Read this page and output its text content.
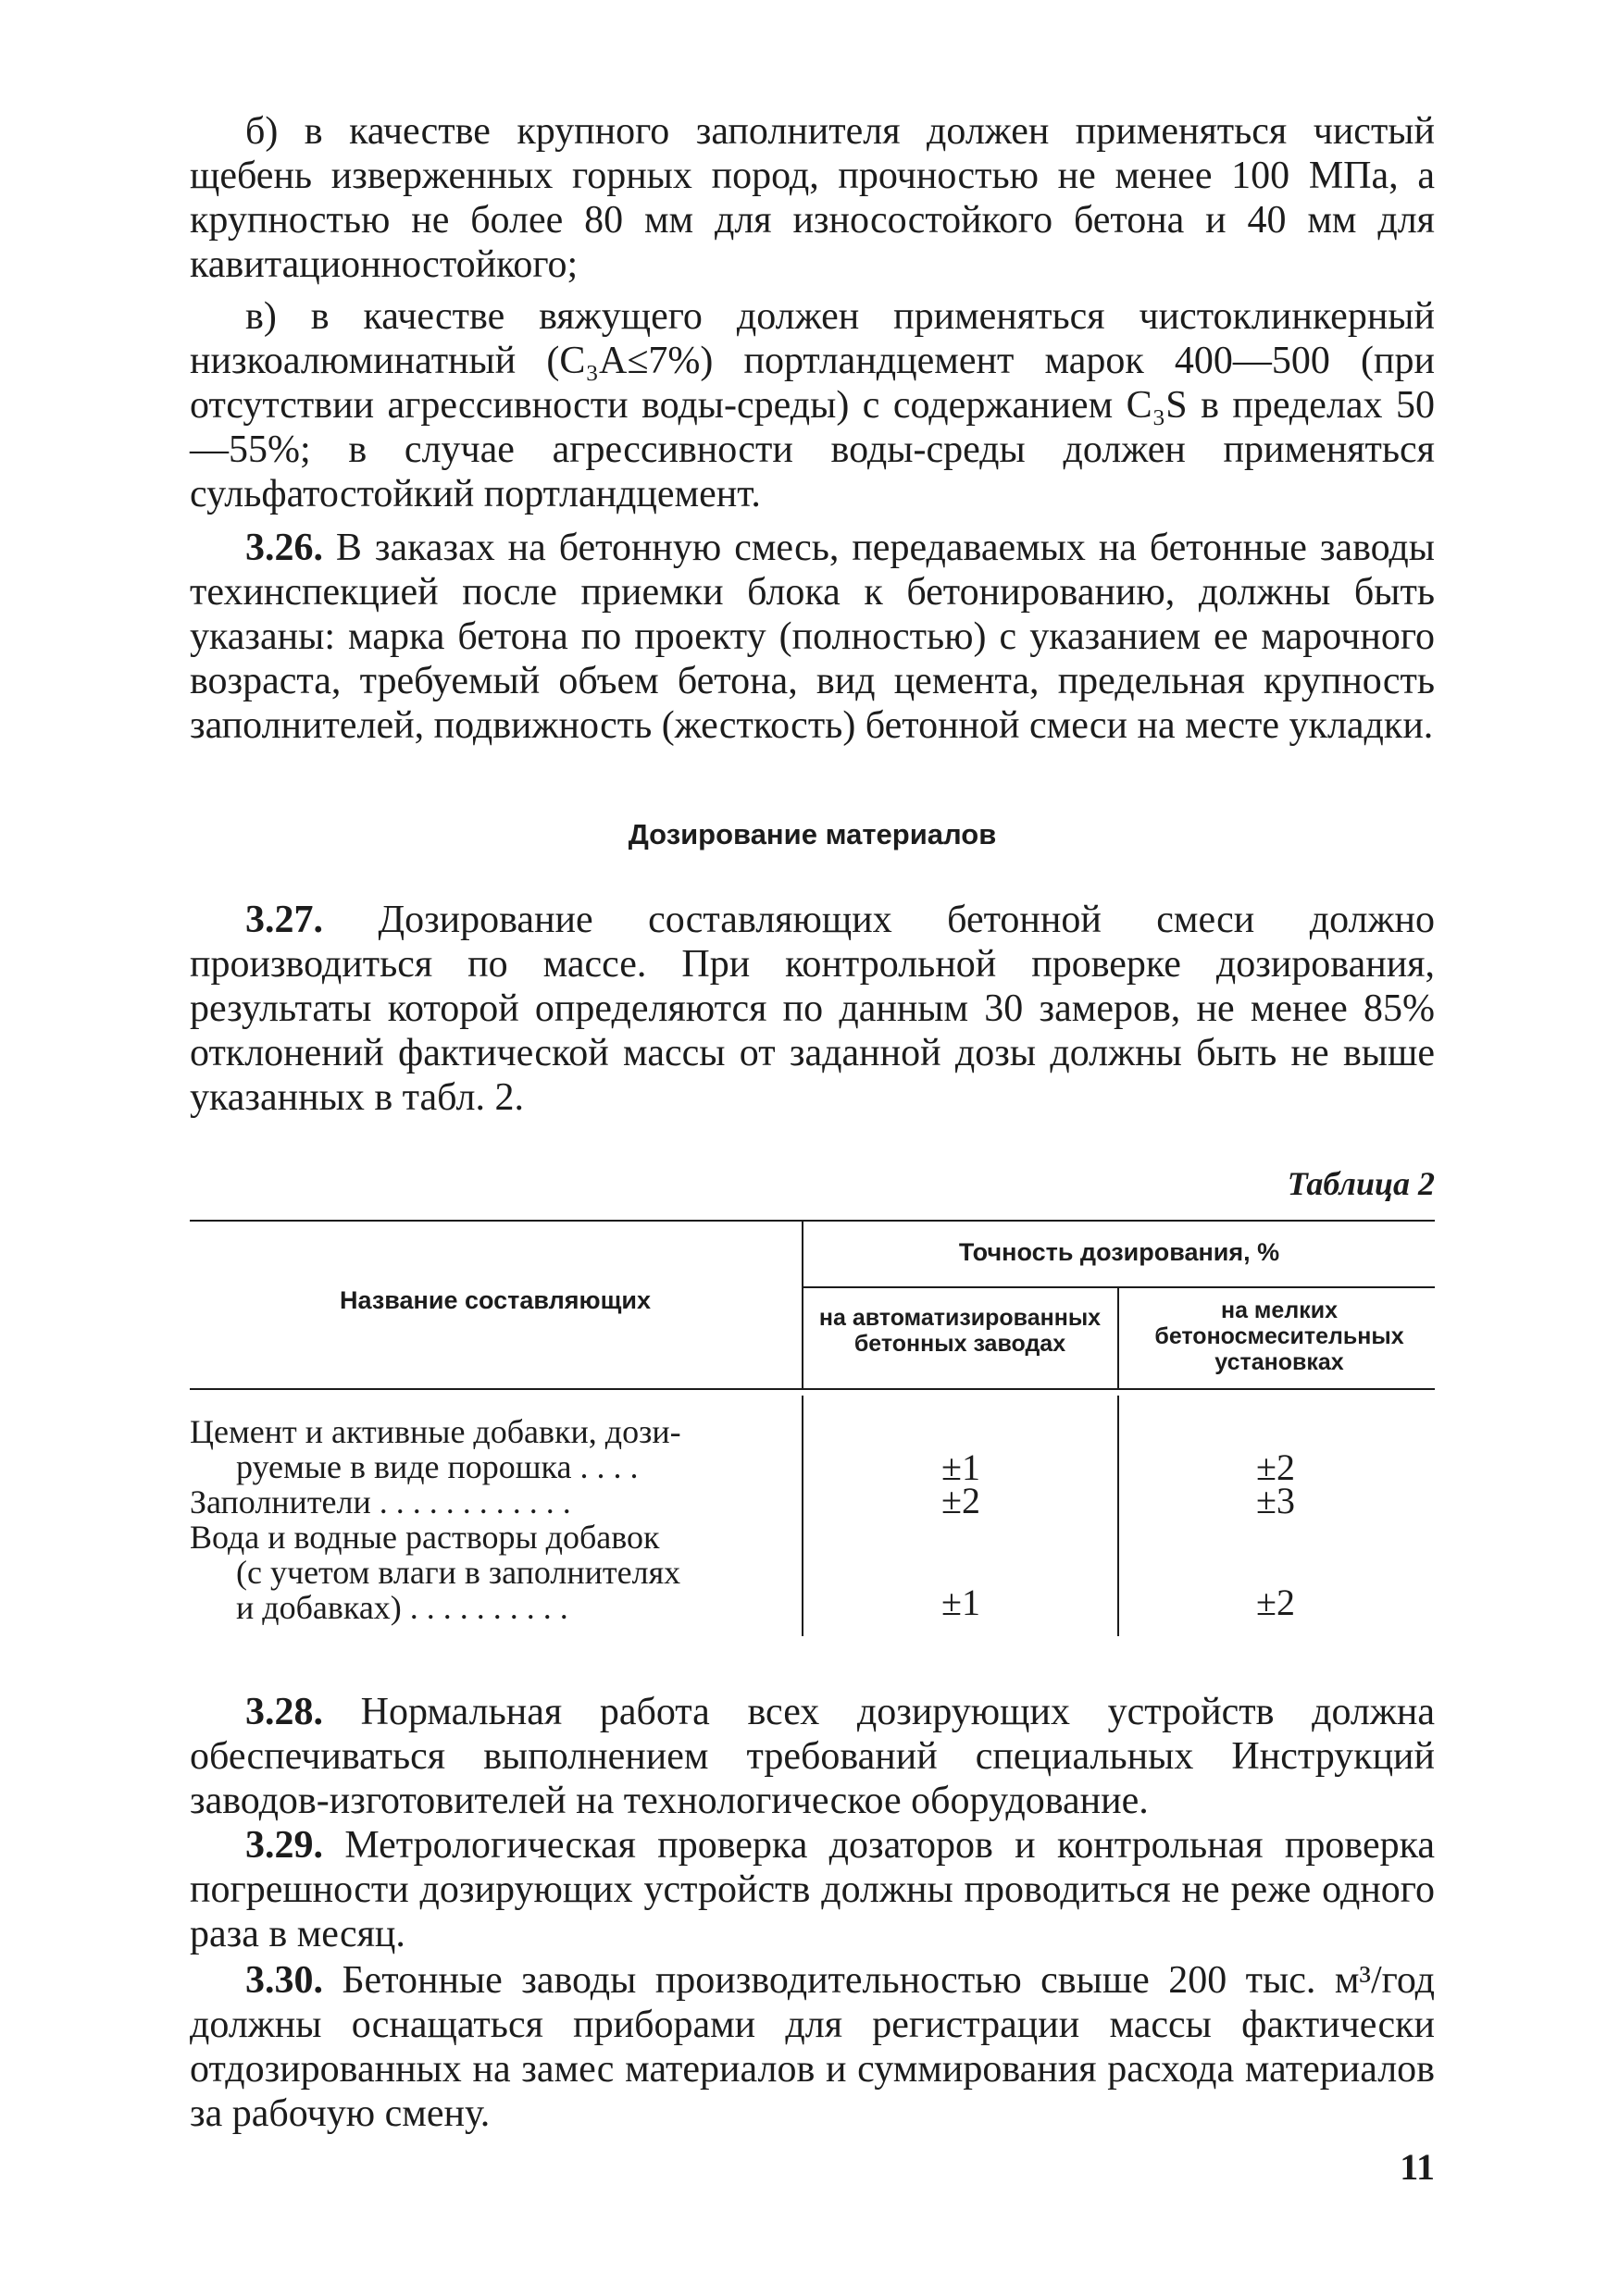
б) в качестве крупного заполнителя должен применяться чистый щебень изверженных горных пород, прочностью не менее 100 МПа, а крупностью не более 80 мм для износостойкого бетона и 40 мм для кавитационностойкого;

в) в качестве вяжущего должен применяться чистоклинкерный низкоалюминатный (C₃A≤7%) портландцемент марок 400—500 (при отсутствии агрессивности воды-среды) с содержанием C₃S в пределах 50—55%; в случае агрессивности воды-среды должен применяться сульфатостойкий портландцемент.

3.26. В заказах на бетонную смесь, передаваемых на бетонные заводы техинспекцией после приемки блока к бетонированию, должны быть указаны: марка бетона по проекту (полностью) с указанием ее марочного возраста, требуемый объем бетона, вид цемента, предельная крупность заполнителей, подвижность (жесткость) бетонной смеси на месте укладки.

Дозирование материалов

3.27. Дозирование составляющих бетонной смеси должно производиться по массе. При контрольной проверке дозирования, результаты которой определяются по данным 30 замеров, не менее 85% отклонений фактической массы от заданной дозы должны быть не выше указанных в табл. 2.

Таблица 2
Название составляющих
Точность дозирования, %
на автоматизированных бетонных заводах
на мелких бетоносмесительных установках
Цемент и активные добавки, дози-
руемые в виде порошка . . . .	±1	±2
Заполнители . . . . . . . . . . . .	±2	±3
Вода и водные растворы добавок
(с учетом влаги в заполнителях
и добавках) . . . . . . . . . .	±1	±2

3.28. Нормальная работа всех дозирующих устройств должна обеспечиваться выполнением требований специальных Инструкций заводов-изготовителей на технологическое оборудование.

3.29. Метрологическая проверка дозаторов и контрольная проверка погрешности дозирующих устройств должны проводиться не реже одного раза в месяц.

3.30. Бетонные заводы производительностью свыше 200 тыс. м³/год должны оснащаться приборами для регистрации массы фактически отдозированных на замес материалов и суммирования расхода материалов за рабочую смену.

11
